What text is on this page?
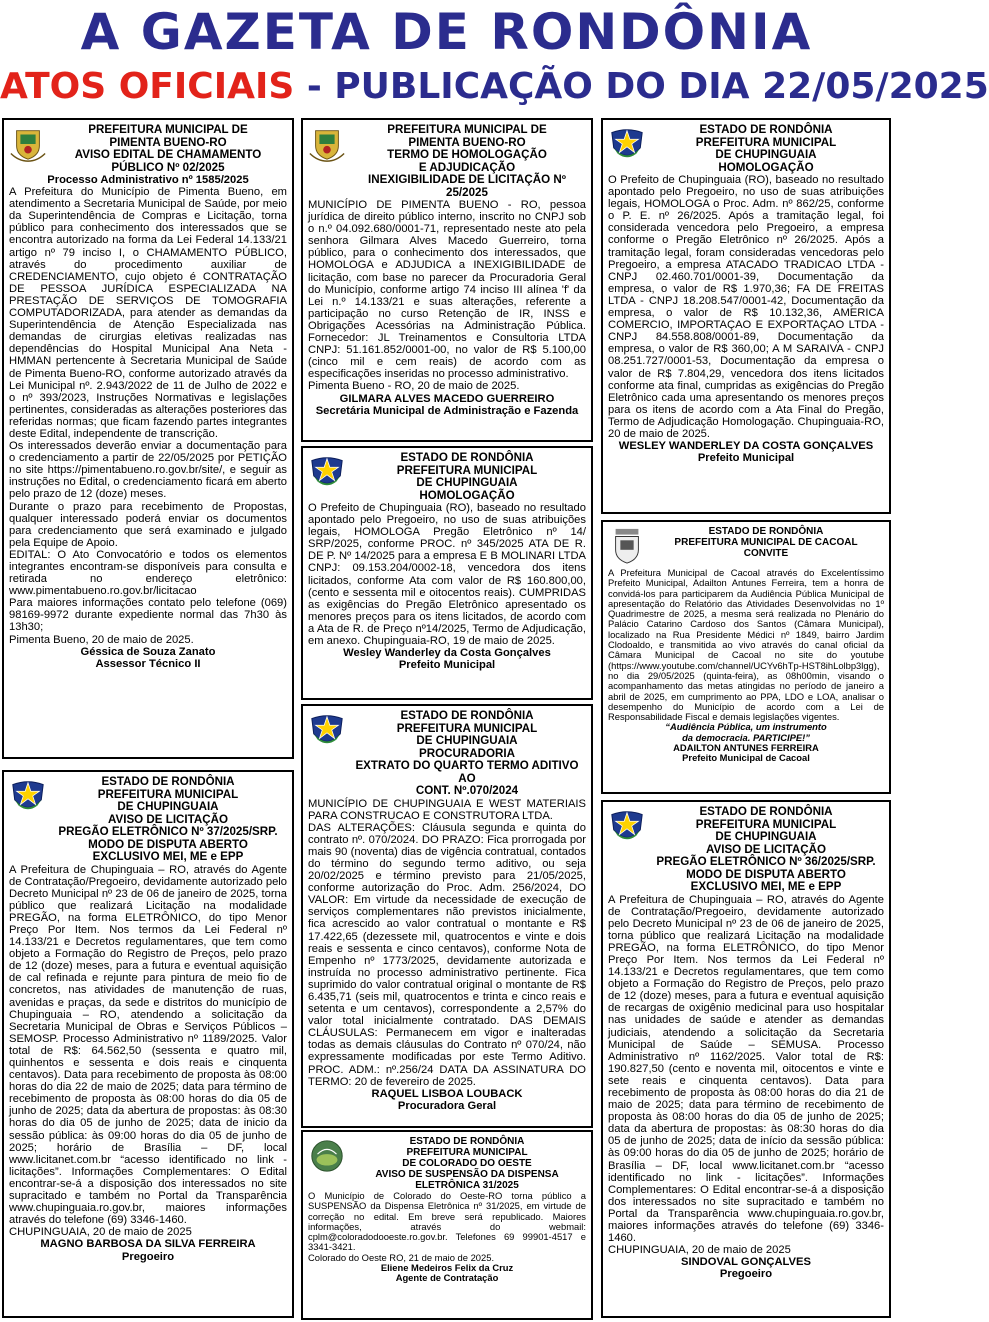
A GAZETA DE RONDÔNIA
ATOS OFICIAIS - PUBLICAÇÃO DO DIA 22/05/2025
PREFEITURA MUNICIPAL DE
PIMENTA BUENO-RO
AVISO EDITAL DE CHAMAMENTO
PÚBLICO Nº 02/2025
Processo Administrativo nº 1585/2025

A Prefeitura do Município de Pimenta Bueno, em atendimento a Secretaria Municipal de Saúde, por meio da Superintendência de Compras e Licitação, torna público para conhecimento dos interessados que se encontra autorizado na forma da Lei Federal 14.133/21 artigo nº 79 inciso I, o CHAMAMENTO PÚBLICO, através do procedimento auxiliar de CREDENCIAMENTO, cujo objeto é CONTRATAÇÃO DE PESSOA JURÍDICA ESPECIALIZADA NA PRESTAÇÃO DE SERVIÇOS DE TOMOGRAFIA COMPUTADORIZADA, para atender as demandas da Superintendência de Atenção Especializada nas demandas de cirurgias eletivas realizadas nas dependências do Hospital Municipal Ana Neta - HMMAN pertencente à Secretaria Municipal de Saúde de Pimenta Bueno-RO, conforme autorizado através da Lei Municipal nº. 2.943/2022 de 11 de Julho de 2022 e o nº 393/2023, Instruções Normativas e legislações pertinentes, consideradas as alterações posteriores das referidas normas; que ficam fazendo partes integrantes deste Edital, independente de transcrição.

Os interessados deverão enviar a documentação para o credenciamento a partir de 22/05/2025 por PETIÇÃO no site https://pimentabueno.ro.gov.br/site/, e seguir as instruções no Edital, o credenciamento ficará em aberto pelo prazo de 12 (doze) meses.

Durante o prazo para recebimento de Propostas, qualquer interessado poderá enviar os documentos para credenciamento que será examinado e julgado pela Equipe de Apoio.

EDITAL: O Ato Convocatório e todos os elementos integrantes encontram-se disponíveis para consulta e retirada no endereço eletrônico: www.pimentabueno.ro.gov.br/licitacao

Para maiores informações contato pelo telefone (069) 98169-9972 durante expediente normal das 7h30 às 13h30;

Pimenta Bueno, 20 de maio de 2025.

Géssica de Souza Zanato
Assessor Técnico II
ESTADO DE RONDÔNIA
PREFEITURA MUNICIPAL
DE CHUPINGUAIA
AVISO DE LICITAÇÃO
PREGÃO ELETRÔNICO Nº 37/2025/SRP.
MODO DE DISPUTA ABERTO
EXCLUSIVO MEI, ME e EPP

A Prefeitura de Chupinguaia – RO, através do Agente de Contratação/Pregoeiro, devidamente autorizado pelo Decreto Municipal nº 23 de 06 de janeiro de 2025, torna público que realizará Licitação na modalidade PREGÃO, na forma ELETRÔNICO, do tipo Menor Preço Por Item. Nos termos da Lei Federal nº 14.133/21 e Decretos regulamentares, que tem como objeto a Formação do Registro de Preços, pelo prazo de 12 (doze) meses, para a futura e eventual aquisição de cal refinada e rejunte para pintura de meio fio de concretos, nas atividades de manutenção de ruas, avenidas e praças, da sede e distritos do município de Chupinguaia – RO, atendendo a solicitação da Secretaria Municipal de Obras e Serviços Públicos – SEMOSP. Processo Administrativo nº 1189/2025. Valor total de R$: 64.562,50 (sessenta e quatro mil, quinhentos e sessenta e dois reais e cinquenta centavos). Data para recebimento de proposta às 08:00 horas do dia 22 de maio de 2025; data para término de recebimento de proposta às 08:00 horas do dia 05 de junho de 2025; data da abertura de propostas: às 08:30 horas do dia 05 de junho de 2025; data de inicio da sessão pública: às 09:00 horas do dia 05 de junho de 2025; horário de Brasília – DF, local www.licitanet.com.br “acesso identificado no link - licitações”. Informações Complementares: O Edital encontrar-se-á a disposição dos interessados no site supracitado e também no Portal da Transparência www.chupinguaia.ro.gov.br, maiores informações através do telefone (69) 3346-1460.

CHUPINGUAIA, 20 de maio de 2025

MAGNO BARBOSA DA SILVA FERREIRA
Pregoeiro
PREFEITURA MUNICIPAL DE
PIMENTA BUENO-RO
TERMO DE HOMOLOGAÇÃO
E ADJUDICAÇÃO
INEXIGIBILIDADE DE LICITAÇÃO Nº 25/2025

MUNICÍPIO DE PIMENTA BUENO - RO, pessoa jurídica de direito público interno, inscrito no CNPJ sob o n.º 04.092.680/0001-71, representado neste ato pela senhora Gilmara Alves Macedo Guerreiro, torna público, para o conhecimento dos interessados, que HOMOLOGA e ADJUDICA a INEXIGIBILIDADE de licitação, com base no parecer da Procuradoria Geral do Município, conforme artigo 74 inciso III alínea 'f' da Lei n.º 14.133/21 e suas alterações, referente a participação no curso Retenção de IR, INSS e Obrigações Acessórias na Administração Pública. Fornecedor: JL Treinamentos e Consultoria LTDA CNPJ: 51.161.852/0001-00, no valor de R$ 5.100,00 (cinco mil e cem reais) de acordo com as especificações inseridas no processo administrativo.

Pimenta Bueno - RO, 20 de maio de 2025.

GILMARA ALVES MACEDO GUERREIRO
Secretária Municipal de Administração e Fazenda
ESTADO DE RONDÔNIA
PREFEITURA MUNICIPAL
DE CHUPINGUAIA
HOMOLOGAÇÃO

O Prefeito de Chupinguaia (RO), baseado no resultado apontado pelo Pregoeiro, no uso de suas atribuições legais, HOMOLOGA Pregão Eletrônico nº 14/ SRP/2025, conforme PROC. nº 345/2025 ATA DE R. DE P. Nº 14/2025 para a empresa E B MOLINARI LTDA CNPJ: 09.153.204/0002-18, vencedora dos itens licitados, conforme Ata com valor de R$ 160.800,00, (cento e sessenta mil e oitocentos reais). CUMPRIDAS as exigências do Pregão Eletrônico apresentado os menores preços para os itens licitados, de acordo com a Ata de R. de Preço nº14/2025, Termo de Adjudicação, em anexo. Chupinguaia-RO, 19 de maio de 2025.

Wesley Wanderley da Costa Gonçalves
Prefeito Municipal
ESTADO DE RONDÔNIA
PREFEITURA MUNICIPAL
DE CHUPINGUAIA
PROCURADORIA
EXTRATO DO QUARTO TERMO ADITIVO AO
CONT. Nº.070/2024

MUNICÍPIO DE CHUPINGUAIA E WEST MATERIAIS PARA CONSTRUCAO E CONSTRUTORA LTDA.

DAS ALTERAÇÕES: Cláusula segunda e quinta do contrato nº. 070/2024. DO PRAZO: Fica prorrogada por mais 90 (noventa) dias de vigência contratual, contados do término do segundo termo aditivo, ou seja 20/02/2025 e término previsto para 21/05/2025, conforme autorização do Proc. Adm. 256/2024, DO VALOR: Em virtude da necessidade de execução de serviços complementares não previstos inicialmente, fica acrescido ao valor contratual o montante e R$ 17.422,65 (dezessete mil, quatrocentos e vinte e dois reais e sessenta e cinco centavos), conforme Nota de Empenho nº 1773/2025, devidamente autorizada e instruída no processo administrativo pertinente. Fica suprimido do valor contratual original o montante de R$ 6.435,71 (seis mil, quatrocentos e trinta e cinco reais e setenta e um centavos), correspondente a 2,57% do valor total inicialmente contratado. DAS DEMAIS CLÁUSULAS: Permanecem em vigor e inalteradas todas as demais cláusulas do Contrato nº 070/24, não expressamente modificadas por este Termo Aditivo. PROC. ADM.: nº.256/24 DATA DA ASSINATURA DO TERMO: 20 de fevereiro de 2025.

RAQUEL LISBOA LOUBACK
Procuradora Geral
ESTADO DE RONDÔNIA
PREFEITURA MUNICIPAL
DE COLORADO DO OESTE
AVISO DE SUSPENSÃO DA DISPENSA
ELETRÔNICA 31/2025

O Município de Colorado do Oeste-RO torna público a SUSPENSÃO da Dispensa Eletrônica nº 31/2025, em virtude de correção no edital. Em breve será republicado. Maiores informações, através do webmail: cplm@coloradodooeste.ro.gov.br. Telefones 69 99901-4517 e 3341-3421.

Colorado do Oeste RO, 21 de maio de 2025.

Eliene Medeiros Felix da Cruz
Agente de Contratação
ESTADO DE RONDÔNIA
PREFEITURA MUNICIPAL
DE CHUPINGUAIA
HOMOLOGAÇÃO

O Prefeito de Chupinguaia (RO), baseado no resultado apontado pelo Pregoeiro, no uso de suas atribuições legais, HOMOLOGA o Proc. Adm. nº 862/25, conforme o P. E. nº 26/2025. Após a tramitação legal, foi considerada vencedora pelo Pregoeiro, a empresa conforme o Pregão Eletrônico nº 26/2025. Após a tramitação legal, foram consideradas vencedoras pelo Pregoeiro, a empresa ATACADO TRADICAO LTDA - CNPJ 02.460.701/0001-39, Documentação da empresa, o valor de R$ 1.970,36; FA DE FREITAS LTDA - CNPJ 18.208.547/0001-42, Documentação da empresa, o valor de R$ 10.132,36, AMERICA COMERCIO, IMPORTAÇAO E EXPORTAÇAO LTDA - CNPJ 84.558.808/0001-89, Documentação da empresa, o valor de R$ 360,00; A M SARAIVA - CNPJ 08.251.727/0001-53, Documentação da empresa o valor de R$ 7.804,29, vencedora dos itens licitados conforme ata final, cumpridas as exigências do Pregão Eletrônico cada uma apresentando os menores preços para os itens de acordo com a Ata Final do Pregão, Termo de Adjudicação Homologação. Chupinguaia-RO, 20 de maio de 2025.

WESLEY WANDERLEY DA COSTA GONÇALVES
Prefeito Municipal
ESTADO DE RONDÔNIA
PREFEITURA MUNICIPAL DE CACOAL
CONVITE

A Prefeitura Municipal de Cacoal através do Excelentíssimo Prefeito Municipal, Adailton Antunes Ferreira, tem a honra de convidá-los para participarem da Audiência Pública Municipal de apresentação do Relatório das Atividades Desenvolvidas no 1º Quadrimestre de 2025, a mesma será realizada no Plenário do Palácio Catarino Cardoso dos Santos (Câmara Municipal), localizado na Rua Presidente Médici nº 1849, bairro Jardim Clodoaldo, e transmitida ao vivo através do canal oficial da Câmara Municipal de Cacoal no site do youtube (https://www.youtube.com/channel/UCYv6hTp-HST8ihLolbp3lgg), no dia 29/05/2025 (quinta-feira), as 08h00min, visando o acompanhamento das metas atingidas no período de janeiro a abril de 2025, em cumprimento ao PPA, LDO e LOA, analisar o desempenho do Município de acordo com a Lei de Responsabilidade Fiscal e demais legislações vigentes.

“Audiência Pública, um instrumento
da democracia. PARTICIPE!”
ADAILTON ANTUNES FERREIRA
Prefeito Municipal de Cacoal
ESTADO DE RONDÔNIA
PREFEITURA MUNICIPAL
DE CHUPINGUAIA
AVISO DE LICITAÇÃO
PREGÃO ELETRÔNICO Nº 36/2025/SRP.
MODO DE DISPUTA ABERTO
EXCLUSIVO MEI, ME e EPP

A Prefeitura de Chupinguaia – RO, através do Agente de Contratação/Pregoeiro, devidamente autorizado pelo Decreto Municipal nº 23 de 06 de janeiro de 2025, torna público que realizará Licitação na modalidade PREGÃO, na forma ELETRÔNICO, do tipo Menor Preço Por Item. Nos termos da Lei Federal nº 14.133/21 e Decretos regulamentares, que tem como objeto a Formação do Registro de Preços, pelo prazo de 12 (doze) meses, para a futura e eventual aquisição de recargas de oxigênio medicinal para uso hospitalar nas unidades de saúde e atender as demandas judiciais, atendendo a solicitação da Secretaria Municipal de Saúde – SEMUSA. Processo Administrativo nº 1162/2025. Valor total de R$: 190.827,50 (cento e noventa mil, oitocentos e vinte e sete reais e cinquenta centavos). Data para recebimento de proposta às 08:00 horas do dia 21 de maio de 2025; data para término de recebimento de proposta às 08:00 horas do dia 05 de junho de 2025; data da abertura de propostas: às 08:30 horas do dia 05 de junho de 2025; data de início da sessão pública: às 09:00 horas do dia 05 de junho de 2025; horário de Brasília – DF, local www.licitanet.com.br “acesso identificado no link - licitações”. Informações Complementares: O Edital encontrar-se-á a disposição dos interessados no site supracitado e também no Portal da Transparência www.chupinguaia.ro.gov.br, maiores informações através do telefone (69) 3346-1460.

CHUPINGUAIA, 20 de maio de 2025

SINDOVAL GONÇALVES
Pregoeiro
